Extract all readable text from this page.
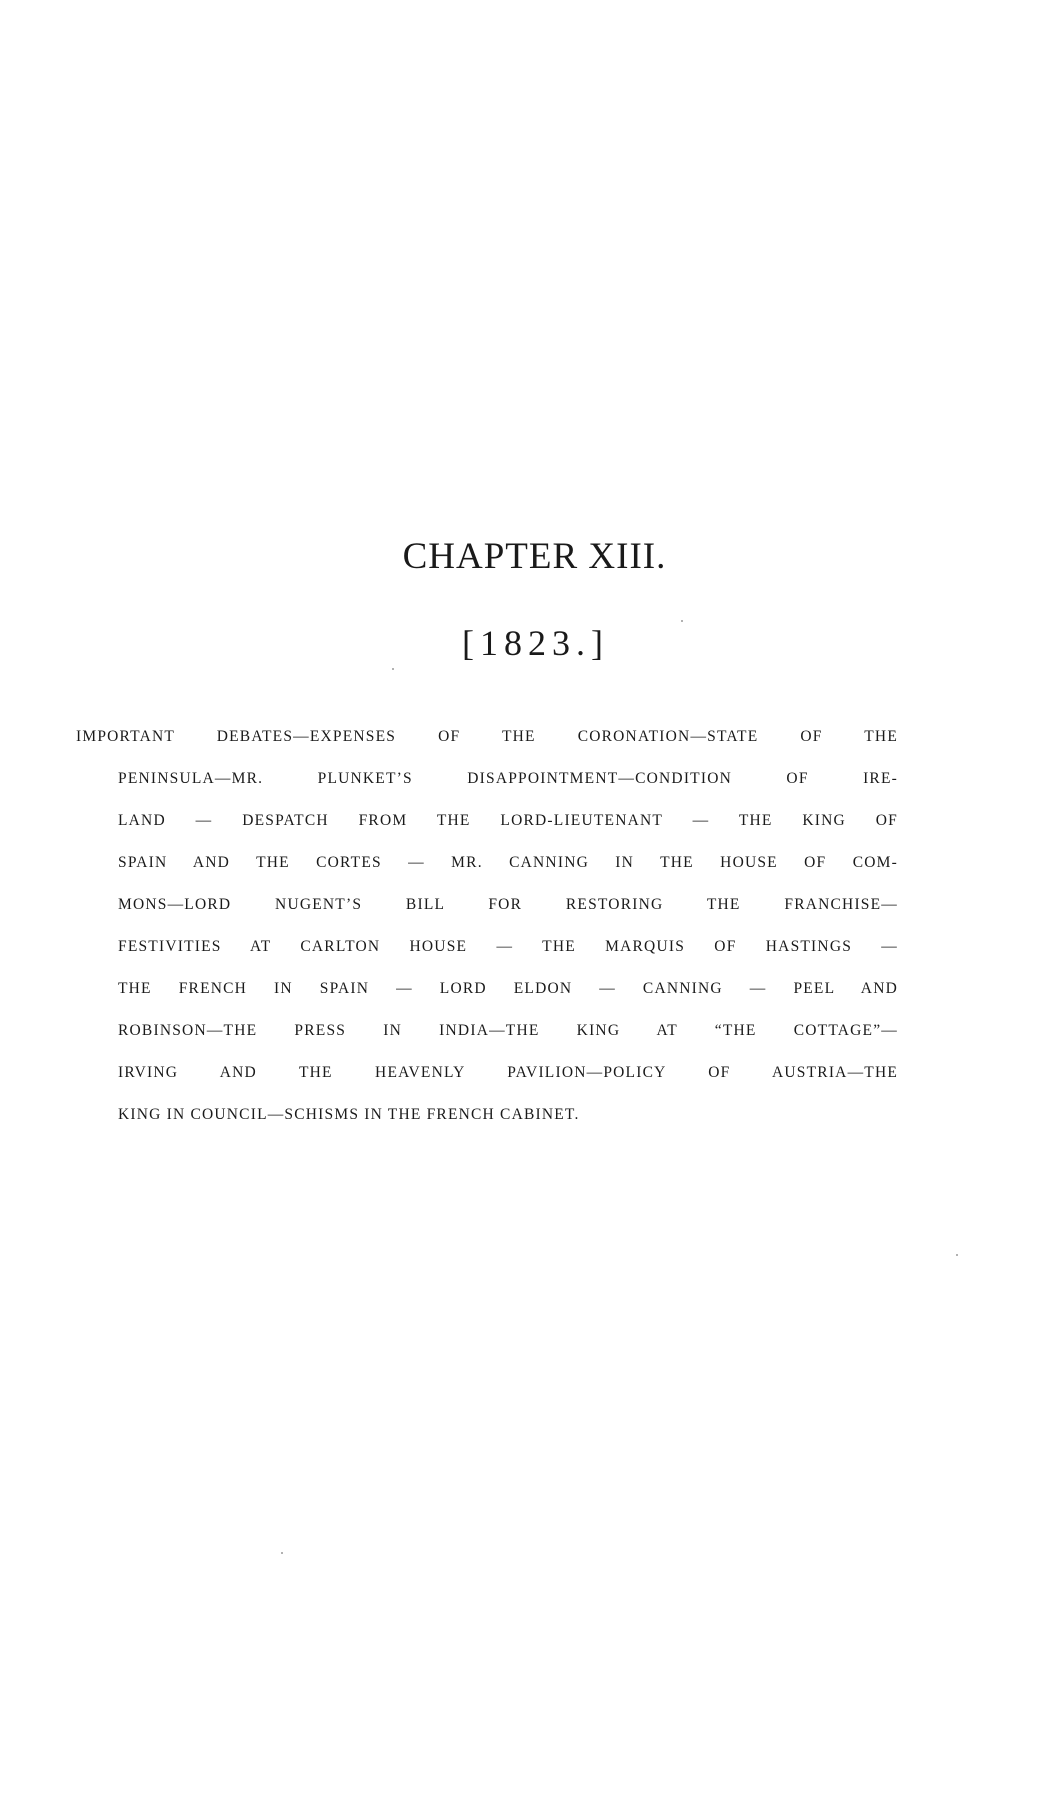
CHAPTER XIII.
[1823.]

IMPORTANT DEBATES—EXPENSES OF THE CORONATION—STATE OF THE
PENINSULA—MR. PLUNKET’S DISAPPOINTMENT—CONDITION OF IRE-
LAND — DESPATCH FROM THE LORD-LIEUTENANT — THE KING OF
SPAIN AND THE CORTES — MR. CANNING IN THE HOUSE OF COM-
MONS—LORD NUGENT’S BILL FOR RESTORING THE FRANCHISE—
FESTIVITIES AT CARLTON HOUSE — THE MARQUIS OF HASTINGS —
THE FRENCH IN SPAIN — LORD ELDON — CANNING — PEEL AND
ROBINSON—THE PRESS IN INDIA—THE KING AT “THE COTTAGE”—
IRVING AND THE HEAVENLY PAVILION—POLICY OF AUSTRIA—THE
KING IN COUNCIL—SCHISMS IN THE FRENCH CABINET.
